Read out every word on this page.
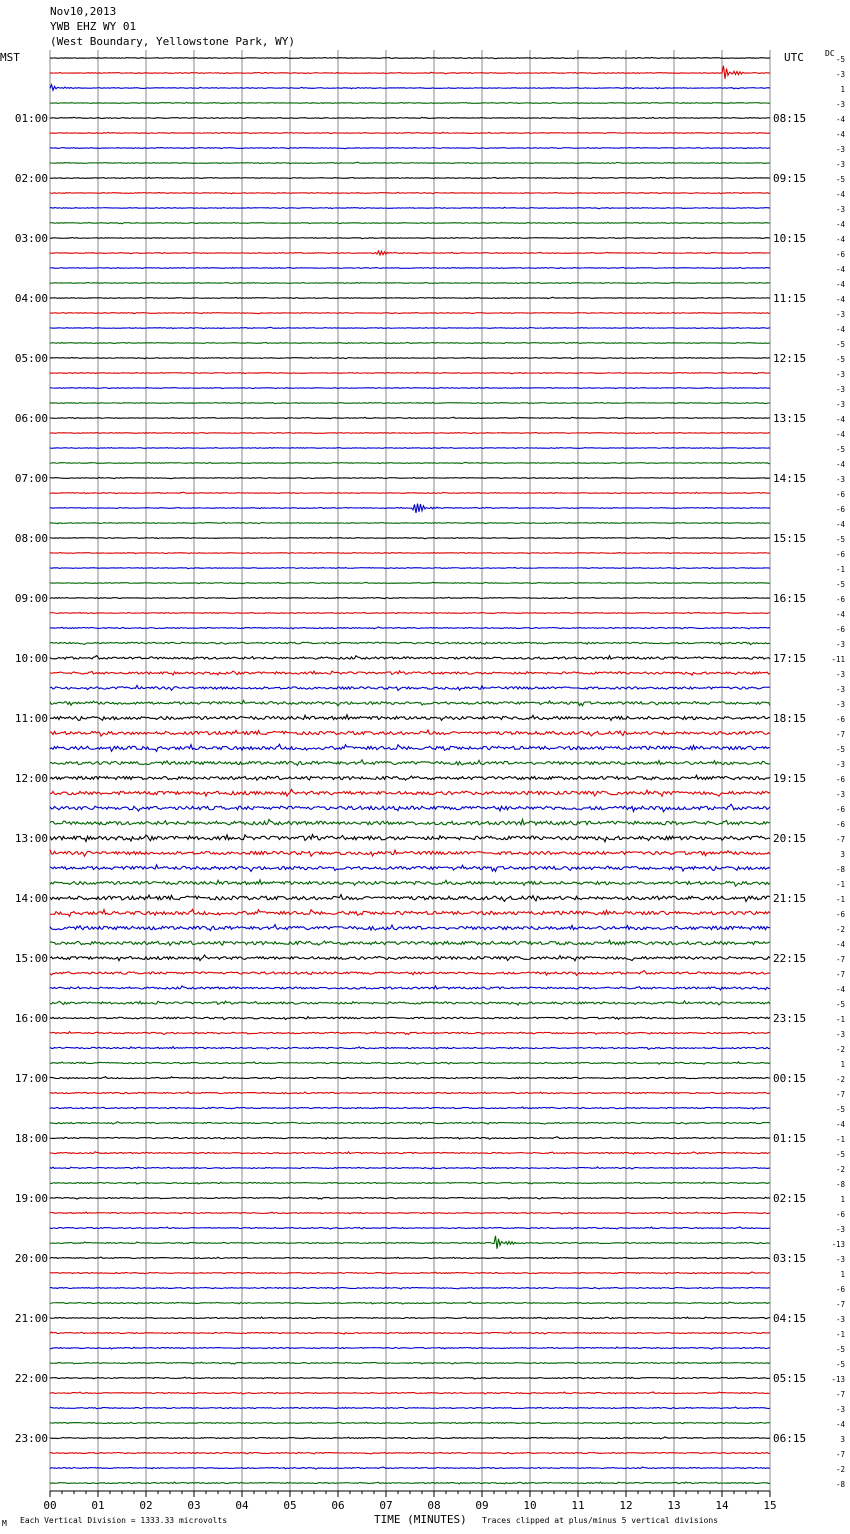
Nov10,2013
YWB EHZ WY 01
(West Boundary, Yellowstone Park, WY)
MST	UTC	DC
00	01	02	03	04	05	06	07	08	09	10	11	12	13	14	15
01:00	08:15
02:00	09:15
03:00	10:15
04:00	11:15
05:00	12:15
06:00	13:15
07:00	14:15
08:00	15:15
09:00	16:15
10:00	17:15
11:00	18:15
12:00	19:15
13:00	20:15
14:00	21:15
15:00	22:15
16:00	23:15
17:00	00:15
18:00	01:15
19:00	02:15
20:00	03:15
21:00	04:15
22:00	05:15
23:00	06:15
-5
-3
1
-3
-4
-4
-3
-3
-5
-4
-3
-4
-4
-6
-4
-4
-4
-3
-4
-5
-5
-3
-3
-3
-4
-4
-5
-4
-3
-6
-6
-4
-5
-6
-1
-5
-6
-4
-6
-3
-11
-3
-3
-3
-6
-7
-5
-3
-6
-3
-6
-6
-7
3
-8
-1
-1
-6
-2
-4
-7
-7
-4
-5
-1
-3
-2
1
-2
-7
-5
-4
-1
-5
-2
-8
1
-6
-3
-13
-3
1
-6
-7
-3
-1
-5
-5
-13
-7
-3
-4
3
-7
-2
-8
M Each Vertical Division = 1333.33 microvolts	TIME (MINUTES) Traces clipped at plus/minus 5 vertical divisions
